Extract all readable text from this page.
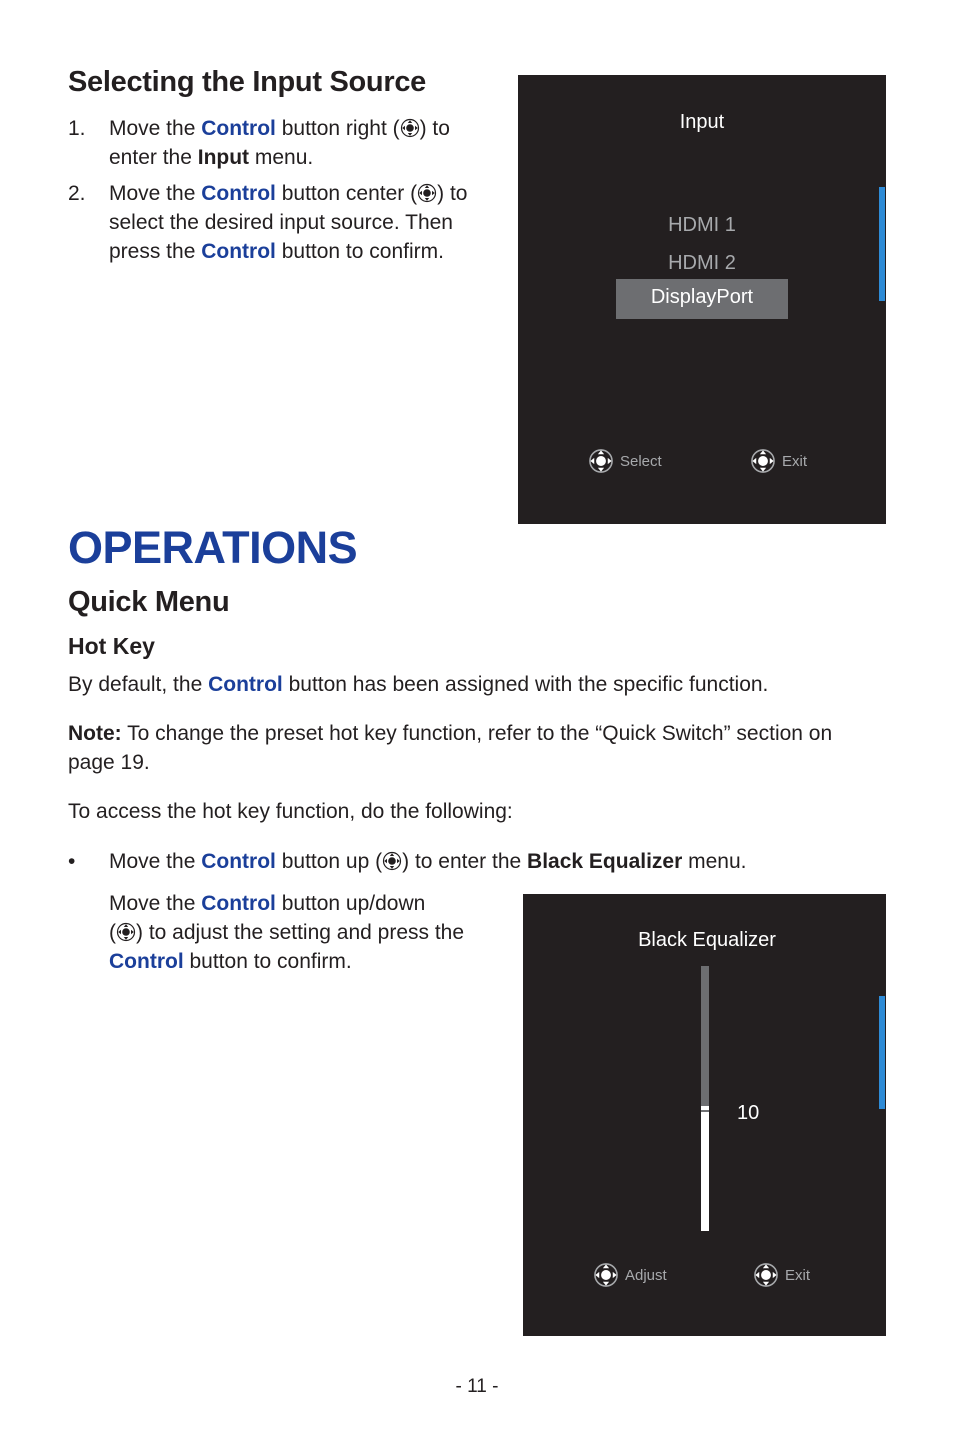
Selecting the Input Source
1. Move the Control button right ( ) to
enter the Input menu.
2. Move the Control button center ( ) to
select the desired input source. Then
press the Control button to confirm.
Input
HDMI 1
HDMI 2
DisplayPort
Select	Exit
OPERATIONS
Quick Menu
Hot Key
By default, the Control button has been assigned with the specific function.
Note: To change the preset hot key function, refer to the “Quick Switch” section on
page 19.
To access the hot key function, do the following:
• Move the Control button up ( ) to enter the Black Equalizer menu.
Move the Control button up/down
( ) to adjust the setting and press the
Control button to confirm.
Black Equalizer
10
Adjust	Exit
- 11 -
